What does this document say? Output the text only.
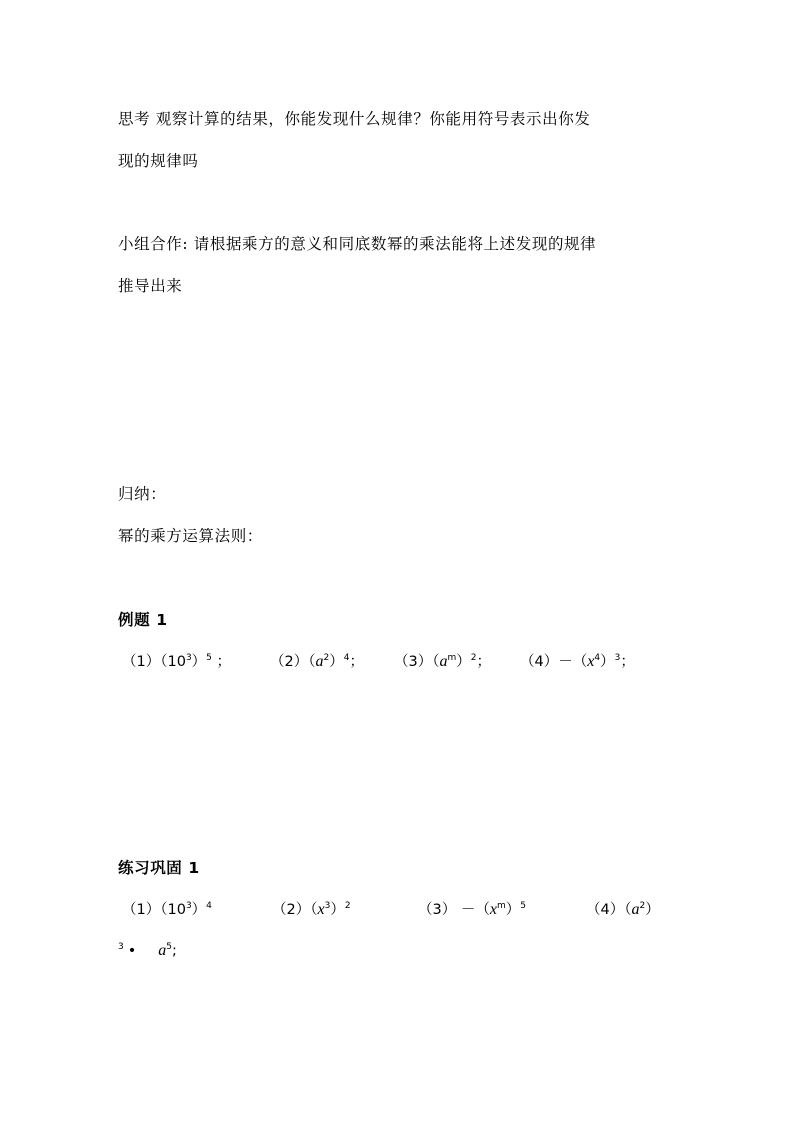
思考 观察计算的结果，你能发现什么规律？你能用符号表示出你发
现的规律吗
小组合作: 请根据乘方的意义和同底数幂的乘法能将上述发现的规律
推导出来
归纳：
幂的乘方运算法则：
例题 1
$(1)(10^3)^5$ ；	$(2)(a^2)^4$； $(3)(a^m)^2$； $(4)-(x^4)^3$；
练习巩固 1
$(1)(10^3)^4$	$(2)(x^3)^2$	$(3) -(x^m)^5$	$(4)(a^2)$
$^3$ • $a^5$;
